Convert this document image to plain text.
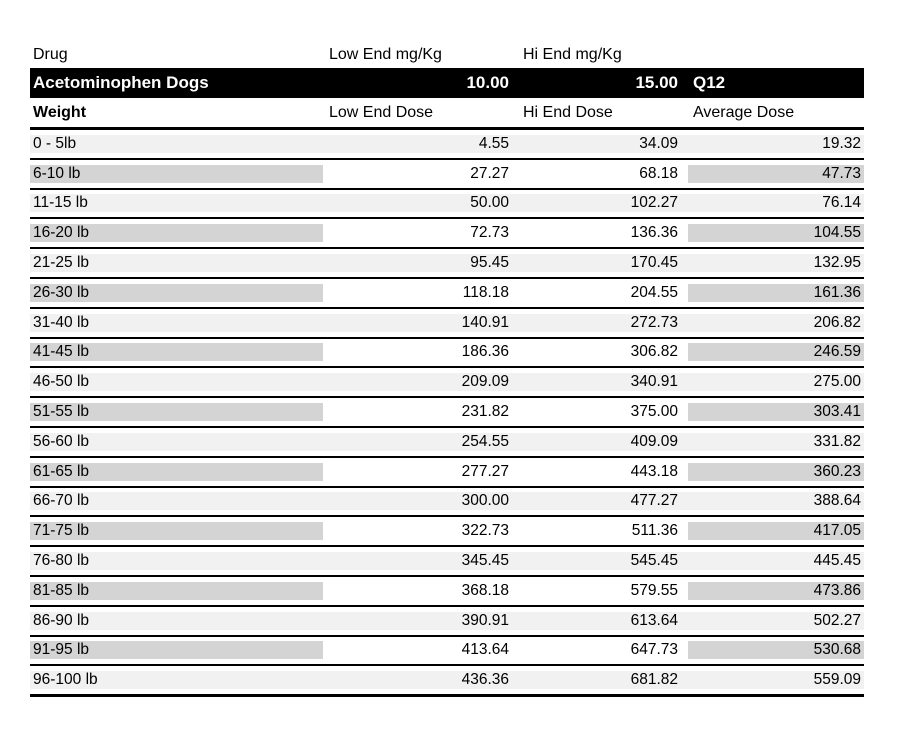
Drug	Low End mg/Kg	Hi End mg/Kg
Acetominophen Dogs	10.00	15.00 Q12
Weight	Low End Dose	Hi End Dose	Average Dose
0 - 5lb	4.55	34.09	19.32
6-10 lb	27.27	68.18	47.73
11-15 lb	50.00	102.27	76.14
16-20 lb	72.73	136.36	104.55
21-25 lb	95.45	170.45	132.95
26-30 lb	118.18	204.55	161.36
31-40 lb	140.91	272.73	206.82
41-45 lb	186.36	306.82	246.59
46-50 lb	209.09	340.91	275.00
51-55 lb	231.82	375.00	303.41
56-60 lb	254.55	409.09	331.82
61-65 lb	277.27	443.18	360.23
66-70 lb	300.00	477.27	388.64
71-75 lb	322.73	511.36	417.05
76-80 lb	345.45	545.45	445.45
81-85 lb	368.18	579.55	473.86
86-90 lb	390.91	613.64	502.27
91-95 lb	413.64	647.73	530.68
96-100 lb	436.36	681.82	559.09
